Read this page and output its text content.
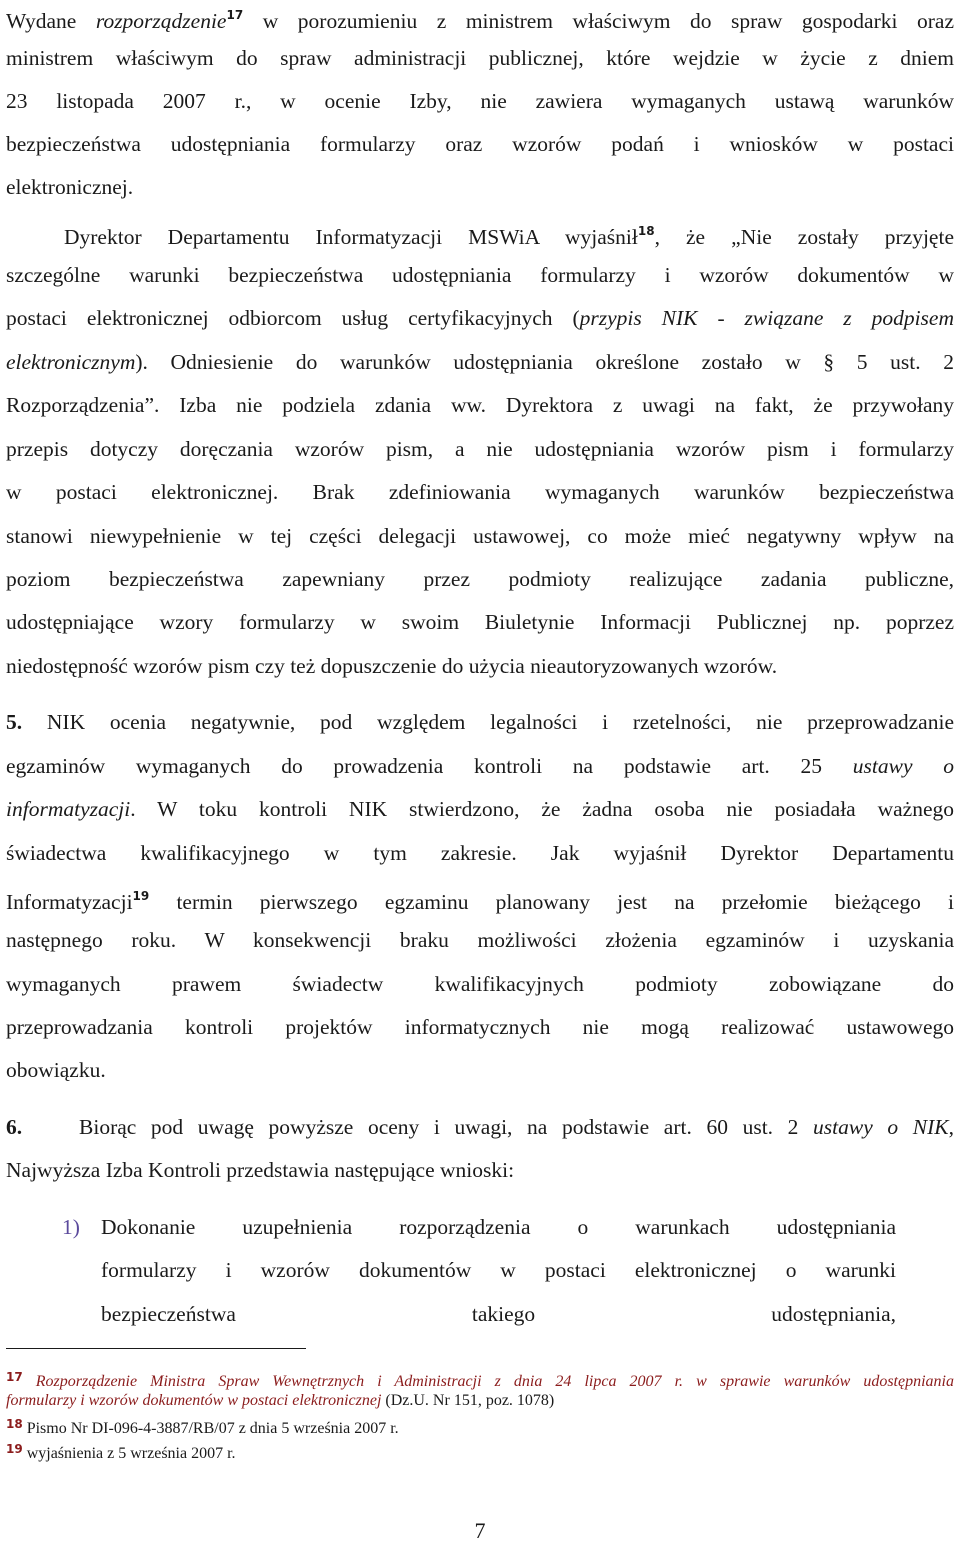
Wydane rozporządzenie$^{17}$ w porozumieniu z ministrem właściwym do spraw gospodarki oraz
ministrem właściwym do spraw administracji publicznej, które wejdzie w życie z dniem
23 listopada 2007 r., w ocenie Izby, nie zawiera wymaganych ustawą warunków
bezpieczeństwa udostępniania formularzy oraz wzorów podań i wniosków w postaci
elektronicznej.
Dyrektor Departamentu Informatyzacji MSWiA wyjaśnił$^{18}$, że „Nie zostały przyjęte
szczególne warunki bezpieczeństwa udostępniania formularzy i wzorów dokumentów w
postaci elektronicznej odbiorcom usług certyfikacyjnych (przypis NIK - związane z podpisem
elektronicznym). Odniesienie do warunków udostępniania określone zostało w § 5 ust. 2
Rozporządzenia”. Izba nie podziela zdania ww. Dyrektora z uwagi na fakt, że przywołany
przepis dotyczy doręczania wzorów pism, a nie udostępniania wzorów pism i formularzy
w postaci elektronicznej. Brak zdefiniowania wymaganych warunków bezpieczeństwa
stanowi niewypełnienie w tej części delegacji ustawowej, co może mieć negatywny wpływ na
poziom bezpieczeństwa zapewniany przez podmioty realizujące zadania publiczne,
udostępniające wzory formularzy w swoim Biuletynie Informacji Publicznej np. poprzez
niedostępność wzorów pism czy też dopuszczenie do użycia nieautoryzowanych wzorów.
5. NIK ocenia negatywnie, pod względem legalności i rzetelności, nie przeprowadzanie
egzaminów wymaganych do prowadzenia kontroli na podstawie art. 25 ustawy o
informatyzacji. W toku kontroli NIK stwierdzono, że żadna osoba nie posiadała ważnego
świadectwa kwalifikacyjnego w tym zakresie. Jak wyjaśnił Dyrektor Departamentu
Informatyzacji$^{19}$ termin pierwszego egzaminu planowany jest na przełomie bieżącego i
następnego roku. W konsekwencji braku możliwości złożenia egzaminów i uzyskania
wymaganych prawem świadectw kwalifikacyjnych podmioty zobowiązane do
przeprowadzania kontroli projektów informatycznych nie mogą realizować ustawowego
obowiązku.
6.	Biorąc pod uwagę powyższe oceny i uwagi, na podstawie art. 60 ust. 2 ustawy o NIK,
Najwyższa Izba Kontroli przedstawia następujące wnioski:
1) Dokonanie uzupełnienia rozporządzenia o warunkach udostępniania
formularzy i wzorów dokumentów w postaci elektronicznej o warunki
bezpieczeństwa takiego udostępniania,
$^{17}$ Rozporządzenie Ministra Spraw Wewnętrznych i Administracji z dnia 24 lipca 2007 r. w sprawie warunków udostępniania
formularzy i wzorów dokumentów w postaci elektronicznej (Dz.U. Nr 151, poz. 1078)
$^{18}$ Pismo Nr DI-096-4-3887/RB/07 z dnia 5 września 2007 r.
$^{19}$ wyjaśnienia z 5 września 2007 r.
7
